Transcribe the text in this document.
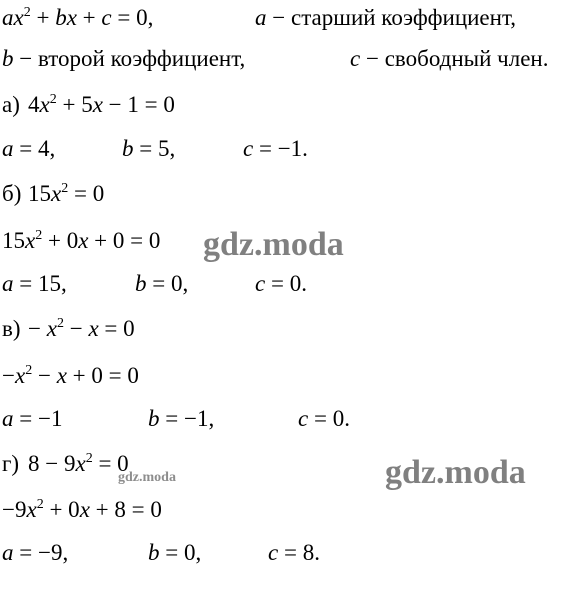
$ax^2$ + bx + c = 0,	a − старший коэффициент,
b − второй коэффициент,	c − свободный член.
а) $4x^2 + 5x - 1 = 0$
a = 4,	b = 5,	c = −1.
б) $15x^2 = 0$
$15x^2 + 0x + 0 = 0$
a = 15,	b = 0,	c = 0.
$в) - x^2 - x = 0$
$-x^2 - x + 0 = 0$
a = −1	b = −1,	c = 0.
г) $8 - 9x^2 = 0$
$-9x^2 + 0x + 8 = 0$
a = −9,	b = 0,	c = 8.
gdz.moda
gdz.moda
gdz.moda
